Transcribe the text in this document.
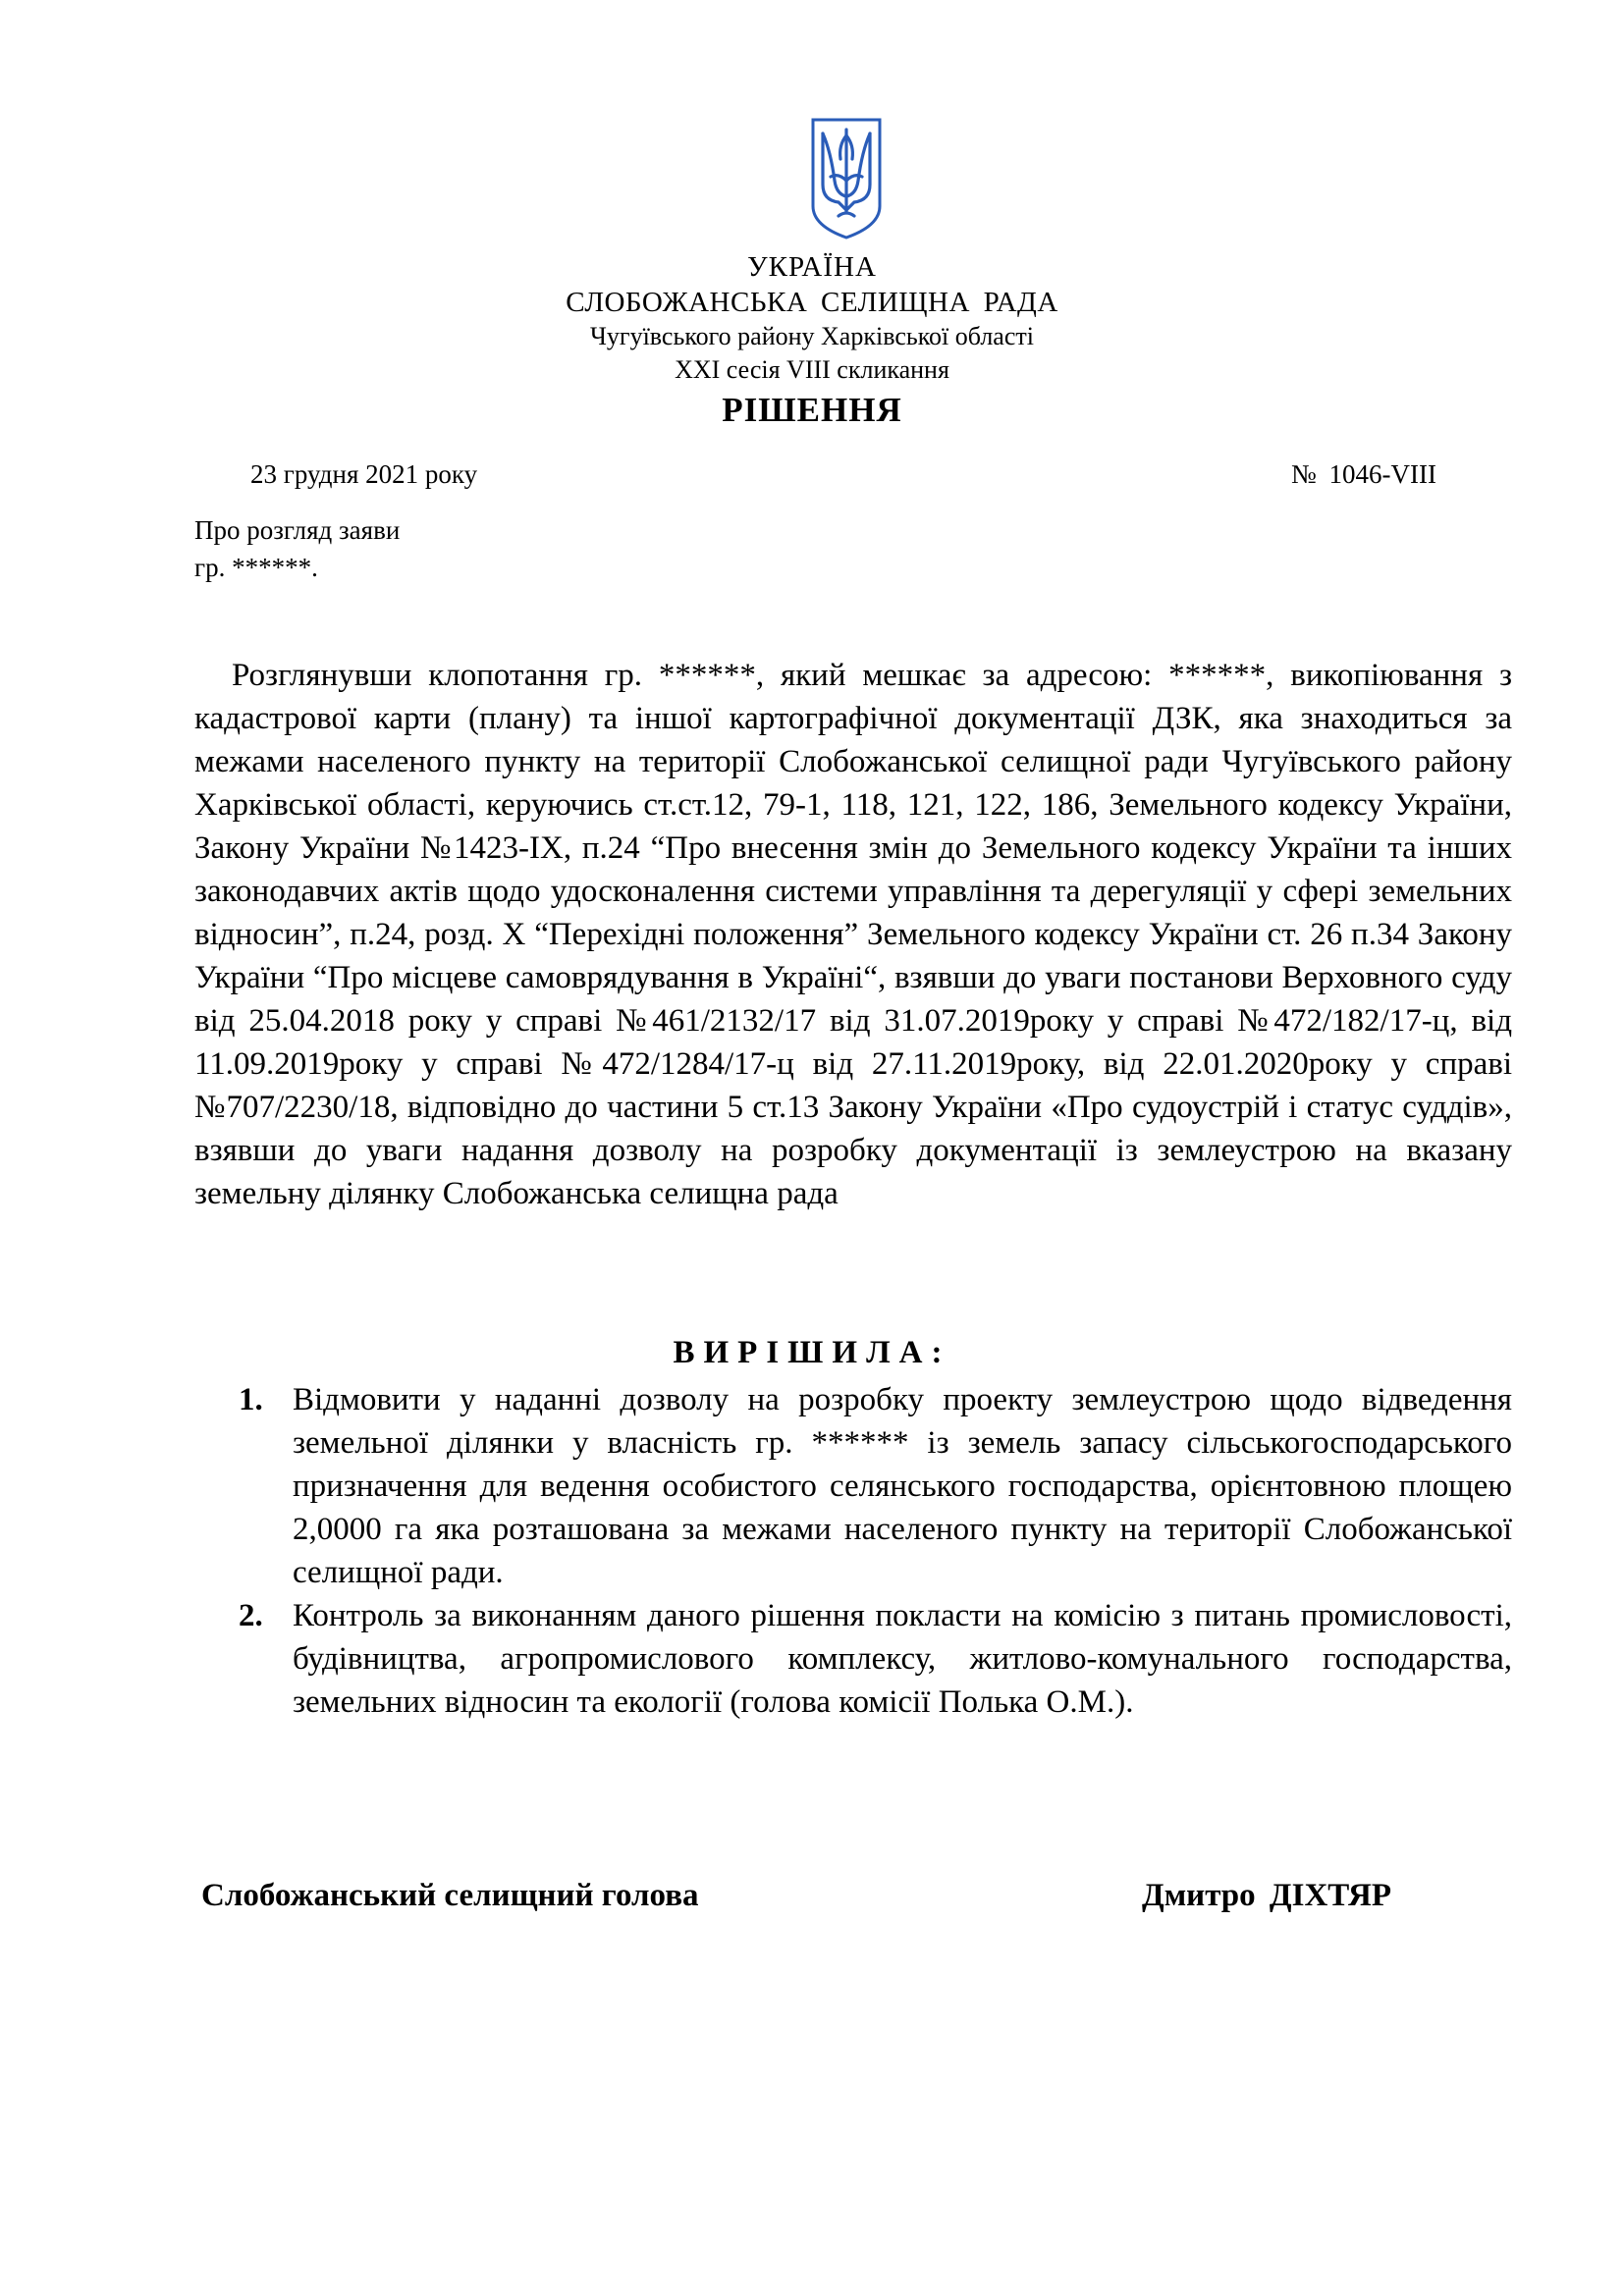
УКРАЇНА
СЛОБОЖАНСЬКА СЕЛИЩНА РАДА
Чугуївського району Харківської області
XXI сесія VIII скликання
РІШЕННЯ
23 грудня 2021 року	№ 1046-VIII
Про розгляд заяви
гр. ******.
Розглянувши клопотання гр. ******, який мешкає за адресою: ******, викопіювання з кадастрової карти (плану) та іншої картографічної документації ДЗК, яка знаходиться за межами населеного пункту на території Слобожанської селищної ради Чугуївського району Харківської області, керуючись ст.ст.12, 79-1, 118, 121, 122, 186, Земельного кодексу України, Закону України №1423-IX, п.24 “Про внесення змін до Земельного кодексу України та інших законодавчих актів щодо удосконалення системи управління та дерегуляції у сфері земельних відносин”, п.24, розд. X “Перехідні положення” Земельного кодексу України ст. 26 п.34 Закону України “Про місцеве самоврядування в Україні“, взявши до уваги постанови Верховного суду від 25.04.2018 року у справі №461/2132/17 від 31.07.2019року у справі №472/182/17-ц, від 11.09.2019року у справі №472/1284/17-ц від 27.11.2019року, від 22.01.2020року у справі №707/2230/18, відповідно до частини 5 ст.13 Закону України «Про судоустрій і статус суддів», взявши до уваги надання дозволу на розробку документації із землеустрою на вказану земельну ділянку Слобожанська селищна рада
ВИРІШИЛА:
1. Відмовити у наданні дозволу на розробку проекту землеустрою щодо відведення земельної ділянки у власність гр. ****** із земель запасу сільськогосподарського призначення для ведення особистого селянського господарства, орієнтовною площею 2,0000 га яка розташована за межами населеного пункту на території Слобожанської селищної ради.
2. Контроль за виконанням даного рішення покласти на комісію з питань промисловості, будівництва, агропромислового комплексу, житлово-комунального господарства, земельних відносин та екології (голова комісії Полька О.М.).
Слобожанський селищний голова	Дмитро ДІХТЯР
